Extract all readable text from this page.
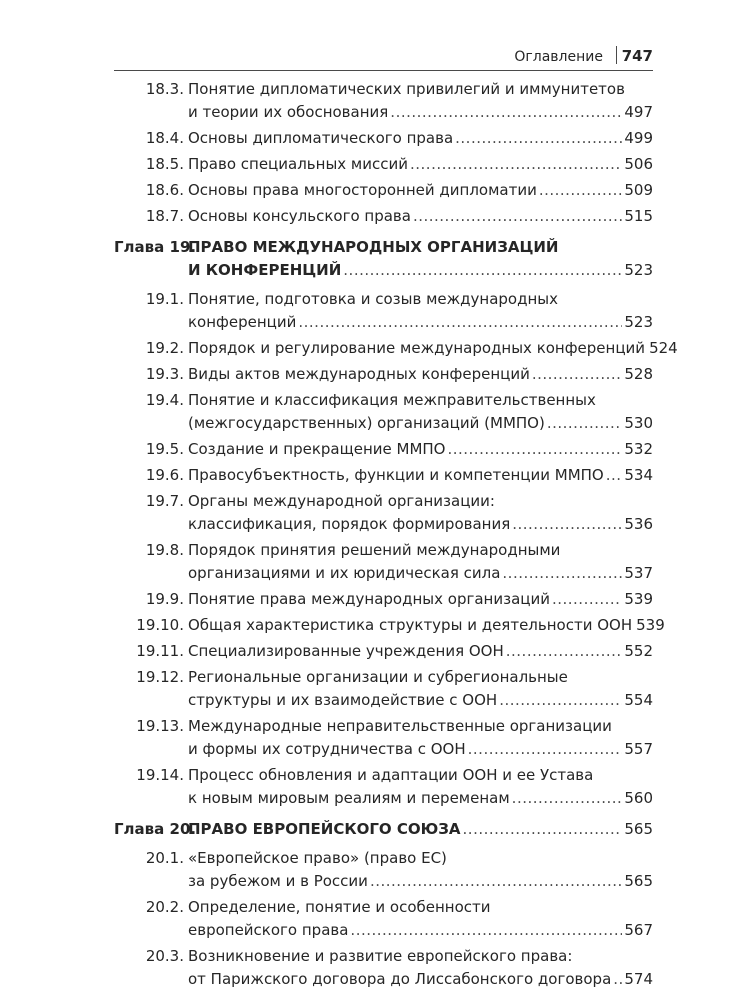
Оглавление 747
18.3. Понятие дипломатических привилегий и иммунитетов
и теории их обоснования .....	497
18.4. Основы дипломатического права .....	499
18.5. Право специальных миссий .....	506
18.6. Основы права многосторонней дипломатии .....	509
18.7. Основы консульского права .....	515
Глава 19.
ПРАВО МЕЖДУНАРОДНЫХ ОРГАНИЗАЦИЙ
И КОНФЕРЕНЦИЙ .....	523
19.1. Понятие, подготовка и созыв международных
конференций .....	523
19.2. Порядок и регулирование международных конференций 524
19.3. Виды актов международных конференций .....	528
19.4. Понятие и классификация межправительственных
(межгосударственных) организаций (ММПО) .....	530
19.5. Создание и прекращение ММПО .....	532
19.6. Правосубъектность, функции и компетенции ММПО ..... 534
19.7. Органы международной организации:
классификация, порядок формирования .....	536
19.8. Порядок принятия решений международными
организациями и их юридическая сила .....	537
19.9. Понятие права международных организаций .....	539
19.10. Общая характеристика структуры и деятельности ООН 539
19.11. Специализированные учреждения ООН .....	552
19.12. Региональные организации и субрегиональные
структуры и их взаимодействие с ООН .....	554
19.13. Международные неправительственные организации
и формы их сотрудничества с ООН .....	557
19.14. Процесс обновления и адаптации ООН и ее Устава
к новым мировым реалиям и переменам .....	560
Глава 20.
ПРАВО ЕВРОПЕЙСКОГО СОЮЗА .....	565
20.1. «Европейское право» (право ЕС)
за рубежом и в России .....	565
20.2. Определение, понятие и особенности
европейского права .....	567
20.3. Возникновение и развитие европейского права:
от Парижского договора до Лиссабонского договора ..... 574
